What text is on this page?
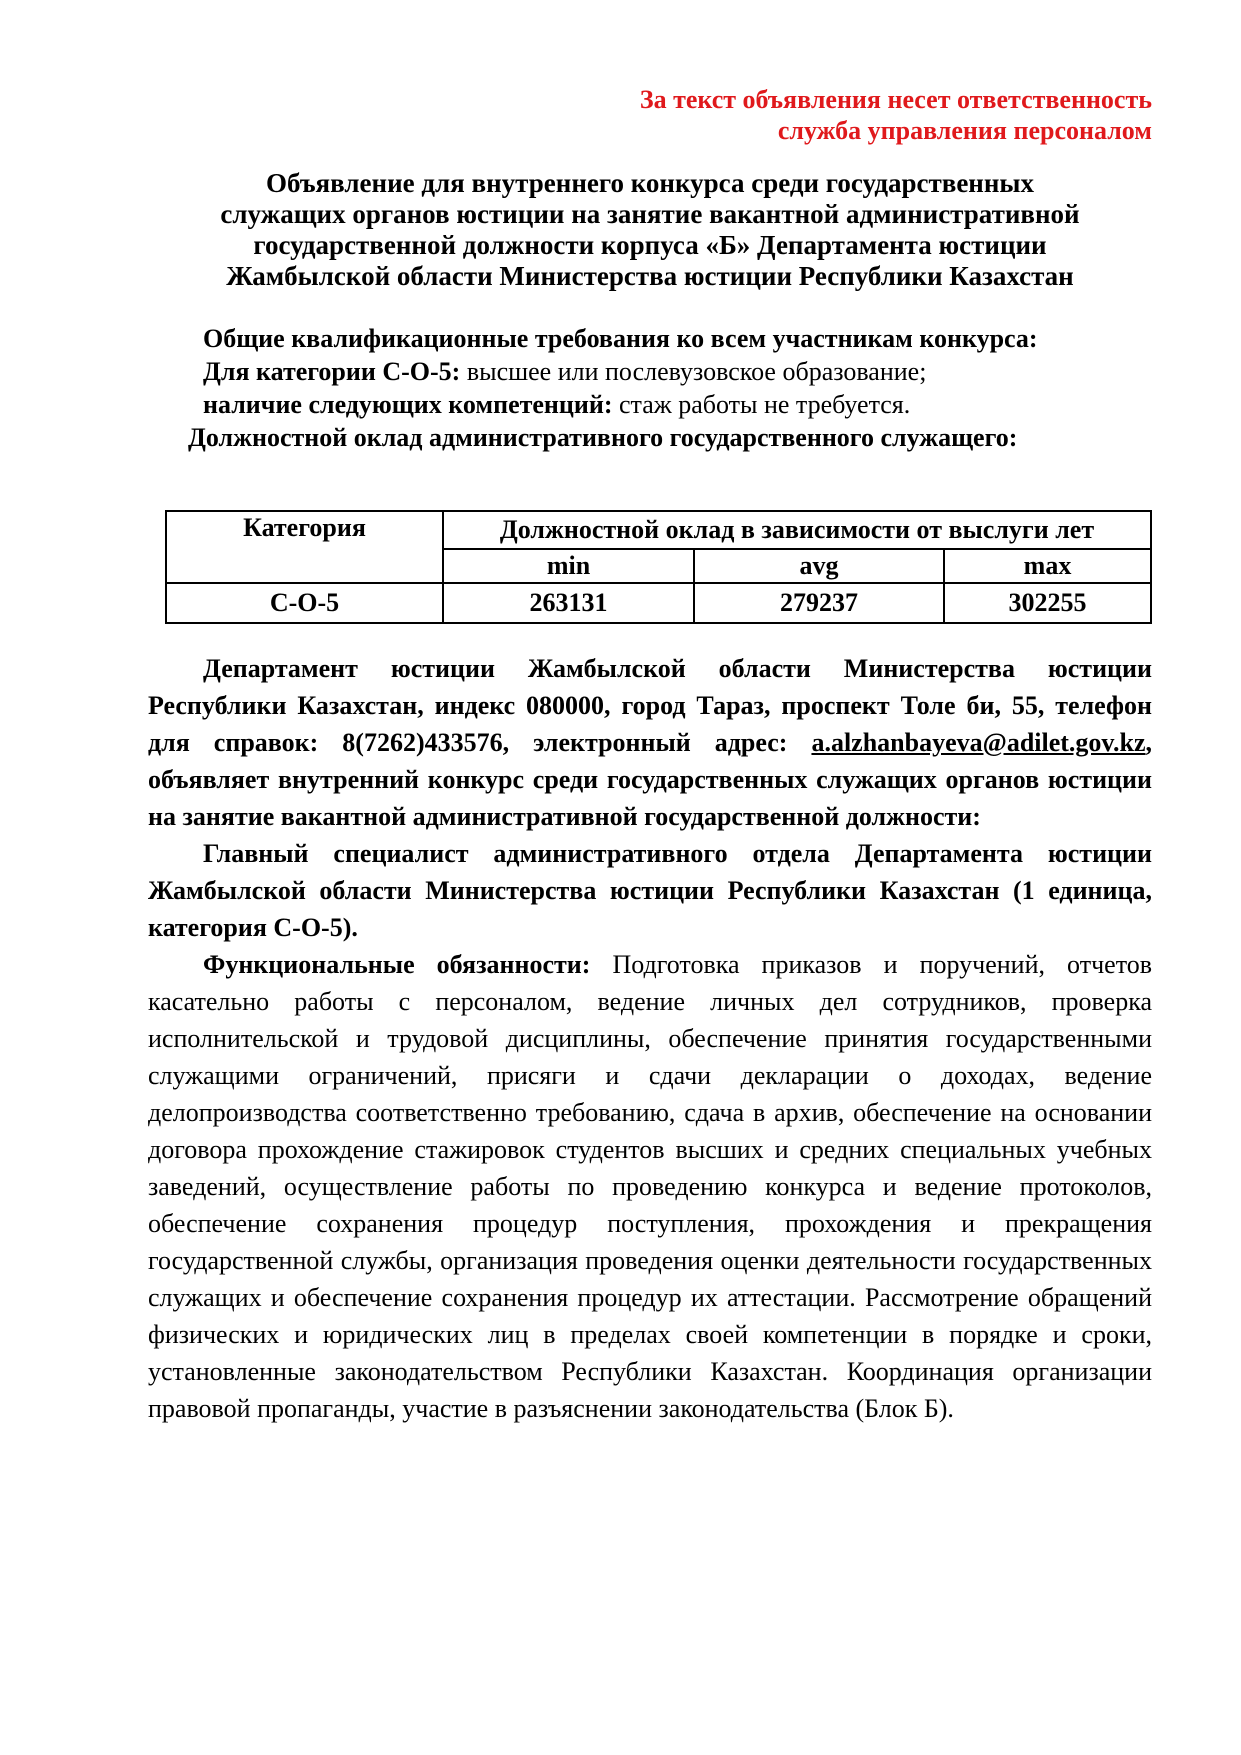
За текст объявления несет ответственность
служба управления персоналом
Объявление для внутреннего конкурса среди государственных
служащих органов юстиции на занятие вакантной административной
государственной должности корпуса «Б» Департамента юстиции
Жамбылской области Министерства юстиции Республики Казахстан

Общие квалификационные требования ко всем участникам конкурса:

Для категории С-О-5: высшее или послевузовское образование;

наличие следующих компетенций: стаж работы не требуется.

Должностной оклад административного государственного служащего:

Категория	Должностной оклад в зависимости от выслуги лет		
	min	avg	max
С-О-5	263131	279237	302255

Департамент юстиции Жамбылской области Министерства юстиции Республики Казахстан, индекс 080000, город Тараз, проспект Толе би, 55, телефон для справок: 8(7262)433576, электронный адрес: a.alzhanbayeva@adilet.gov.kz, объявляет внутренний конкурс среди государственных служащих органов юстиции на занятие вакантной административной государственной должности:

Главный специалист административного отдела Департамента юстиции Жамбылской области Министерства юстиции Республики Казахстан (1 единица, категория С-О-5).

Функциональные обязанности: Подготовка приказов и поручений, отчетов касательно работы с персоналом, ведение личных дел сотрудников, проверка исполнительской и трудовой дисциплины, обеспечение принятия государственными служащими ограничений, присяги и сдачи декларации о доходах, ведение делопроизводства соответственно требованию, сдача в архив, обеспечение на основании договора прохождение стажировок студентов высших и средних специальных учебных заведений, осуществление работы по проведению конкурса и ведение протоколов, обеспечение сохранения процедур поступления, прохождения и прекращения государственной службы, организация проведения оценки деятельности государственных служащих и обеспечение сохранения процедур их аттестации. Рассмотрение обращений физических и юридических лиц в пределах своей компетенции в порядке и сроки, установленные законодательством Республики Казахстан. Координация организации правовой пропаганды, участие в разъяснении законодательства (Блок Б).
